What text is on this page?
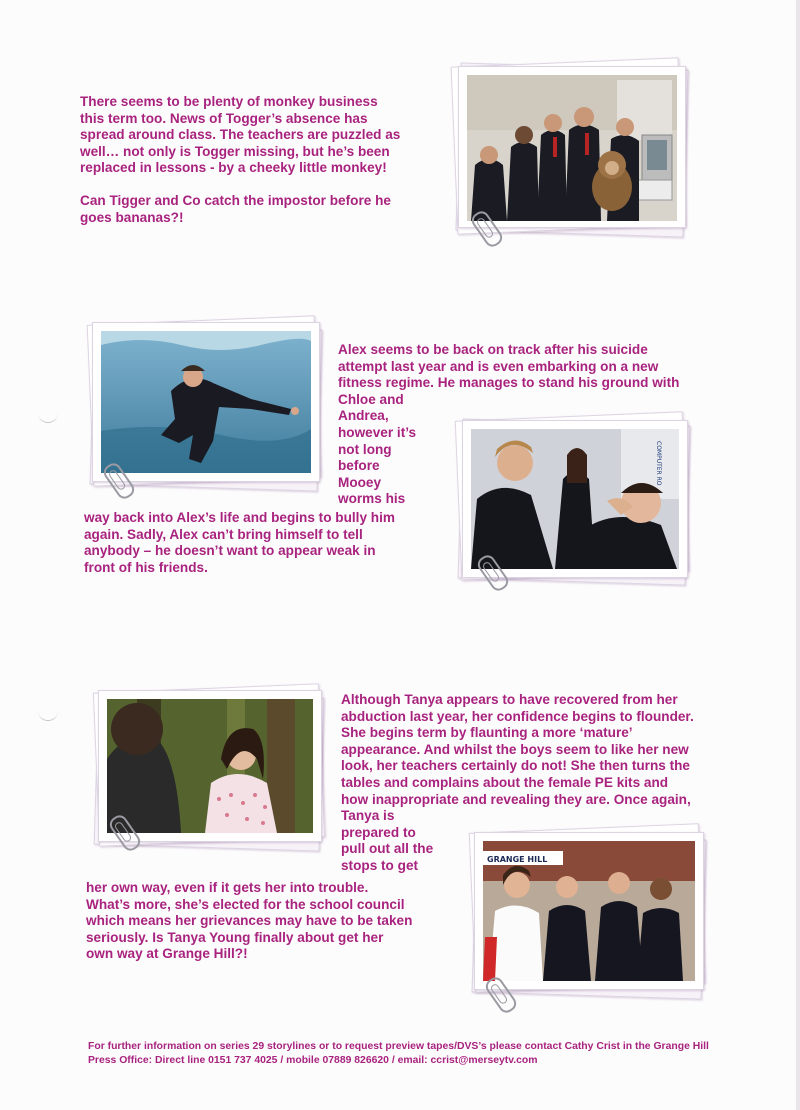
There seems to be plenty of monkey business

this term too. News of Togger’s absence has

spread around class. The teachers are puzzled as

well… not only is Togger missing, but he’s been

replaced in lessons - by a cheeky little monkey!

Can Tigger and Co catch the impostor before he

goes bananas?!

Alex seems to be back on track after his suicide

attempt last year and is even embarking on a new

fitness regime. He manages to stand his ground with

Chloe and

Andrea,

however it’s

not long

before

Mooey

worms his

way back into Alex’s life and begins to bully him

again. Sadly, Alex can’t bring himself to tell

anybody – he doesn’t want to appear weak in

front of his friends.

COMPUTER RO

Although Tanya appears to have recovered from her

abduction last year, her confidence begins to flounder.

She begins term by flaunting a more ‘mature’

appearance. And whilst the boys seem to like her new

look, her teachers certainly do not! She then turns the

tables and complains about the female PE kits and

how inappropriate and revealing they are. Once again,

Tanya is

prepared to

pull out all the

stops to get

her own way, even if it gets her into trouble.

What’s more, she’s elected for the school council

which means her grievances may have to be taken

seriously. Is Tanya Young finally about get her

own way at Grange Hill?!

GRANGE HILL
For further information on series 29 storylines or to request preview tapes/DVS’s please contact Cathy Crist in the Grange Hill
Press Office: Direct line 0151 737 4025 / mobile 07889 826620 / email: ccrist@merseytv.com
